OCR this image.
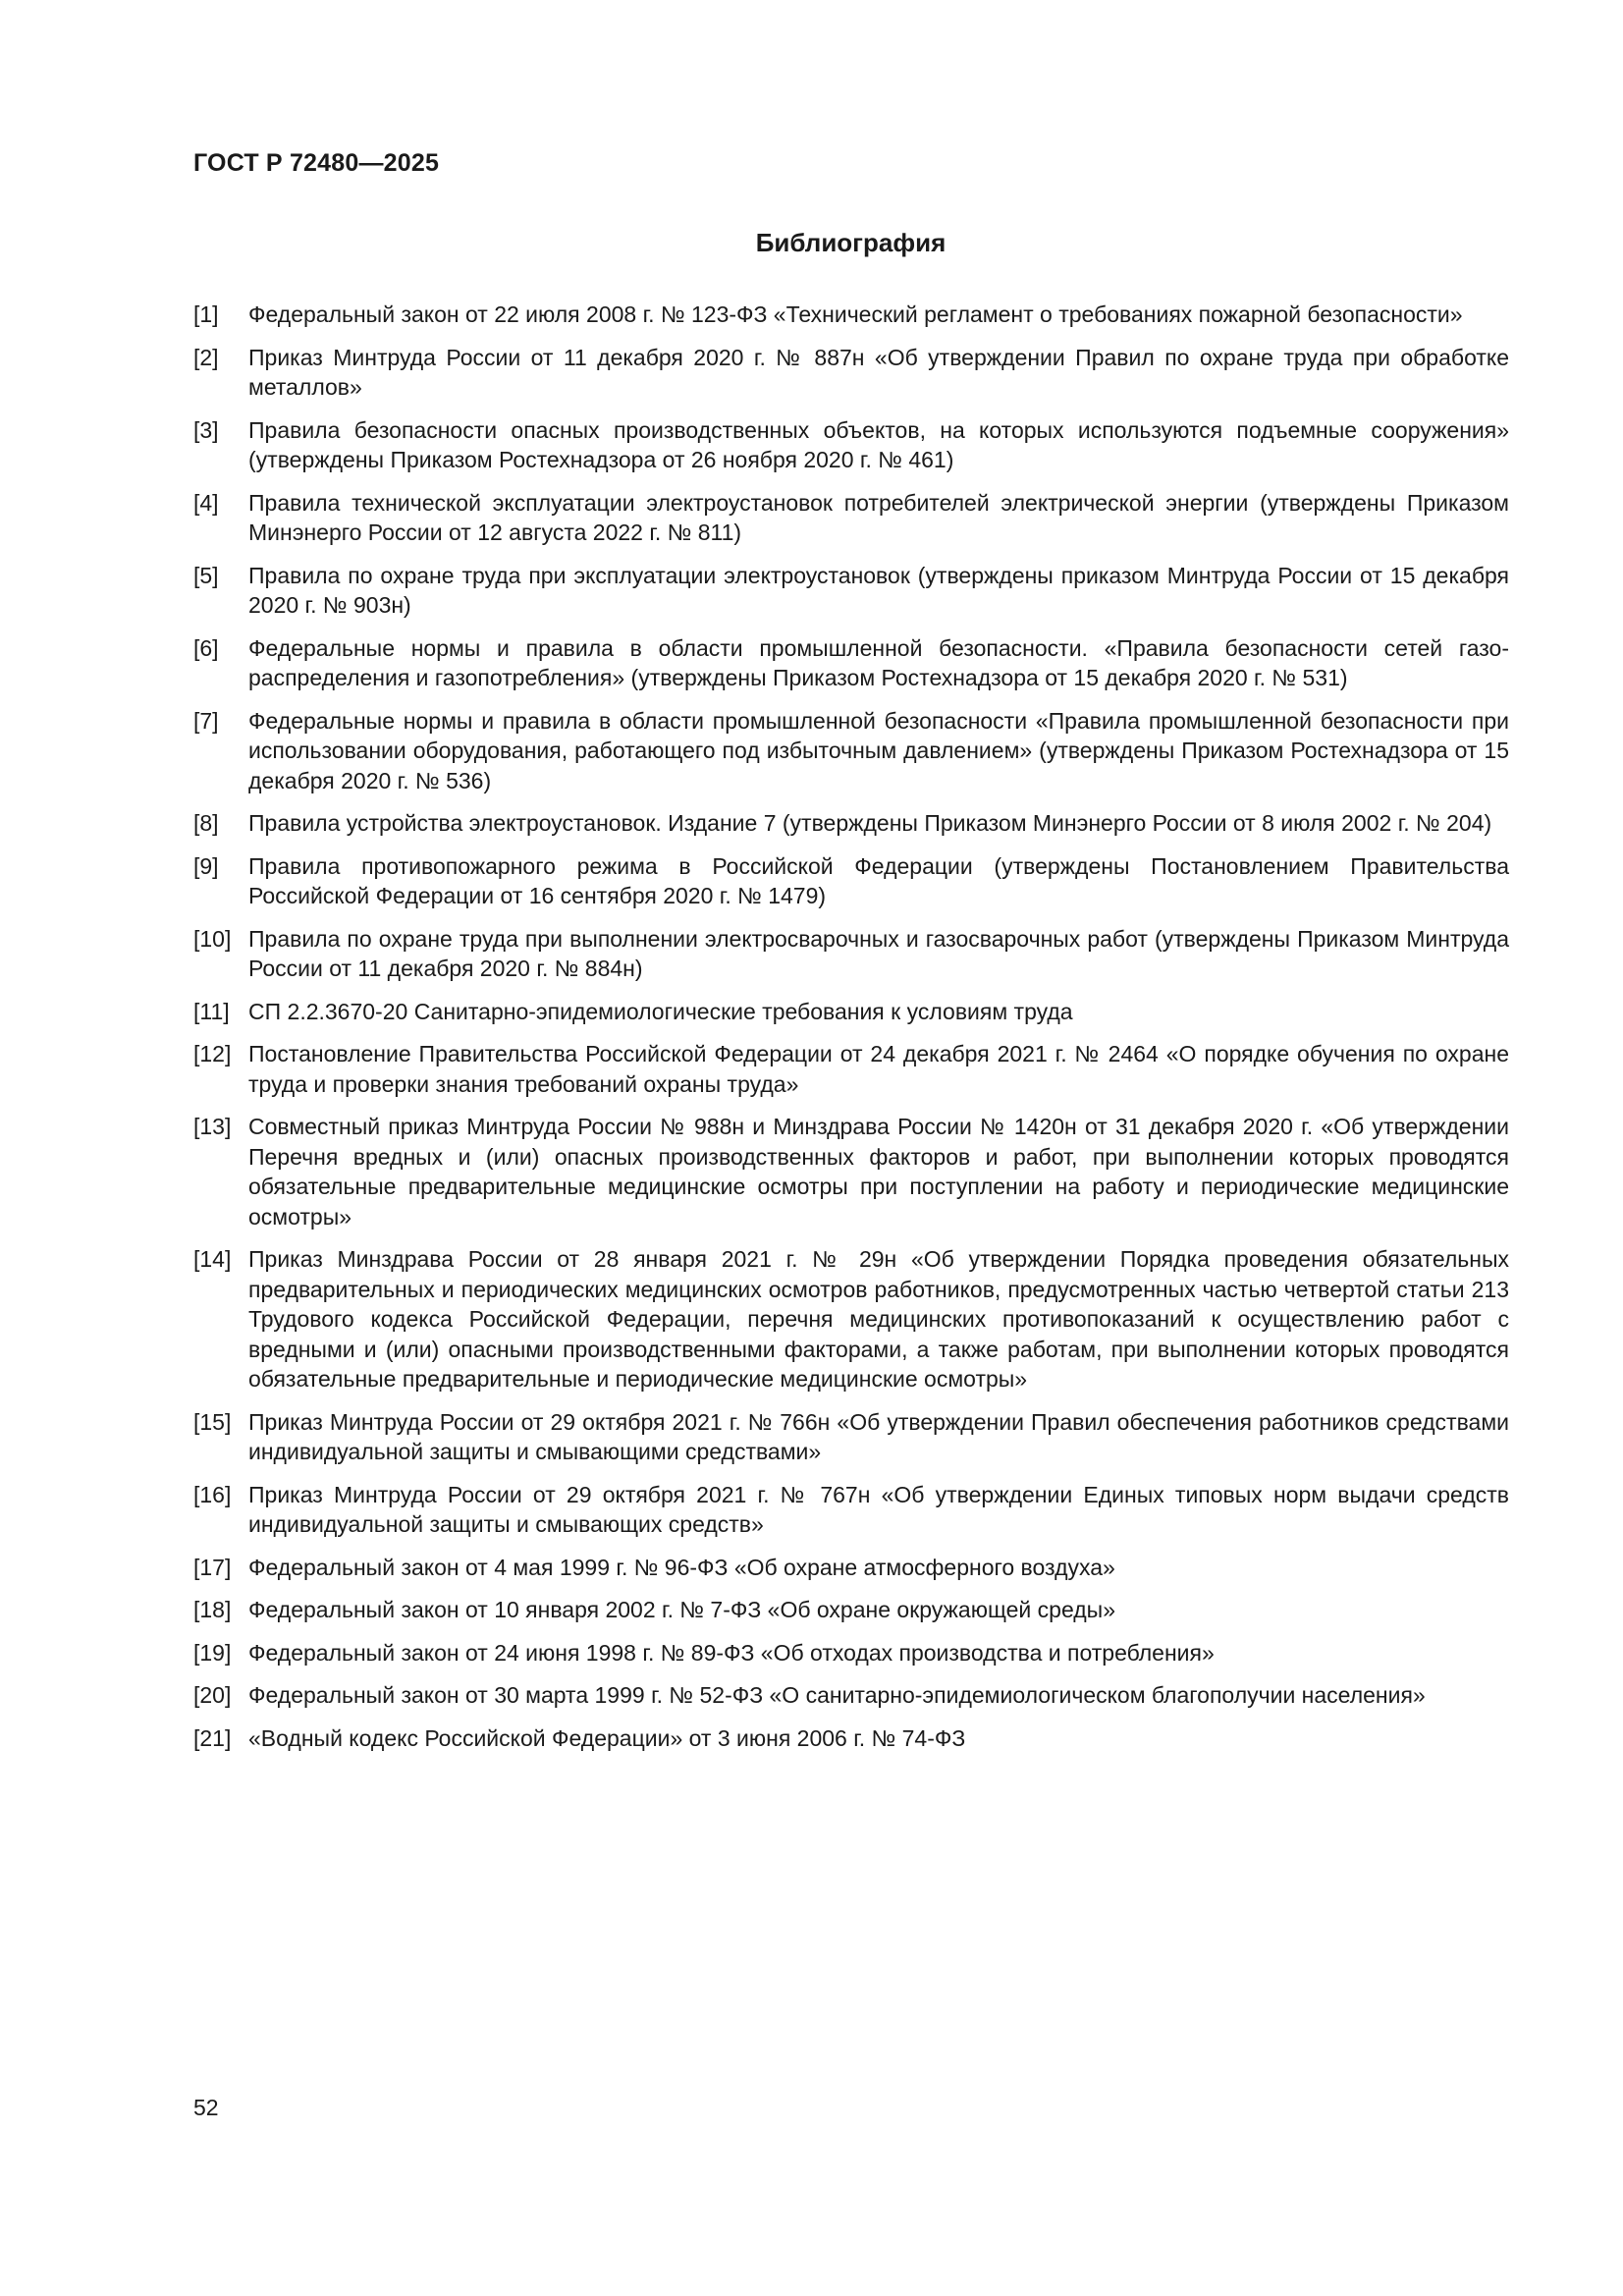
ГОСТ Р 72480—2025
Библиография
[1]	Федеральный закон от 22 июля 2008 г. № 123-ФЗ «Технический регламент о требованиях пожарной безопасности»
[2]	Приказ Минтруда России от 11 декабря 2020 г. № 887н «Об утверждении Правил по охране труда при обработке металлов»
[3]	Правила безопасности опасных производственных объектов, на которых используются подъемные сооружения» (утверждены Приказом Ростехнадзора от 26 ноября 2020 г. № 461)
[4]	Правила технической эксплуатации электроустановок потребителей электрической энергии (утверждены Приказом Минэнерго России от 12 августа 2022 г. № 811)
[5]	Правила по охране труда при эксплуатации электроустановок (утверждены приказом Минтруда России от 15 декабря 2020 г. № 903н)
[6]	Федеральные нормы и правила в области промышленной безопасности. «Правила безопасности сетей газораспределения и газопотребления» (утверждены Приказом Ростехнадзора от 15 декабря 2020 г. № 531)
[7]	Федеральные нормы и правила в области промышленной безопасности «Правила промышленной безопасности при использовании оборудования, работающего под избыточным давлением» (утверждены Приказом Ростехнадзора от 15 декабря 2020 г. № 536)
[8]	Правила устройства электроустановок. Издание 7 (утверждены Приказом Минэнерго России от 8 июля 2002 г. № 204)
[9]	Правила противопожарного режима в Российской Федерации (утверждены Постановлением Правительства Российской Федерации от 16 сентября 2020 г. № 1479)
[10] Правила по охране труда при выполнении электросварочных и газосварочных работ (утверждены Приказом Минтруда России от 11 декабря 2020 г. № 884н)
[11] СП 2.2.3670-20 Санитарно-эпидемиологические требования к условиям труда
[12] Постановление Правительства Российской Федерации от 24 декабря 2021 г. № 2464 «О порядке обучения по охране труда и проверки знания требований охраны труда»
[13] Совместный приказ Минтруда России № 988н и Минздрава России № 1420н от 31 декабря 2020 г. «Об утверждении Перечня вредных и (или) опасных производственных факторов и работ, при выполнении которых проводятся обязательные предварительные медицинские осмотры при поступлении на работу и периодические медицинские осмотры»
[14] Приказ Минздрава России от 28 января 2021 г. № 29н «Об утверждении Порядка проведения обязательных предварительных и периодических медицинских осмотров работников, предусмотренных частью четвертой статьи 213 Трудового кодекса Российской Федерации, перечня медицинских противопоказаний к осуществлению работ с вредными и (или) опасными производственными факторами, а также работам, при выполнении которых проводятся обязательные предварительные и периодические медицинские осмотры»
[15] Приказ Минтруда России от 29 октября 2021 г. № 766н «Об утверждении Правил обеспечения работников средствами индивидуальной защиты и смывающими средствами»
[16] Приказ Минтруда России от 29 октября 2021 г. № 767н «Об утверждении Единых типовых норм выдачи средств индивидуальной защиты и смывающих средств»
[17] Федеральный закон от 4 мая 1999 г. № 96-ФЗ «Об охране атмосферного воздуха»
[18] Федеральный закон от 10 января 2002 г. № 7-ФЗ «Об охране окружающей среды»
[19] Федеральный закон от 24 июня 1998 г. № 89-ФЗ «Об отходах производства и потребления»
[20] Федеральный закон от 30 марта 1999 г. № 52-ФЗ «О санитарно-эпидемиологическом благополучии населения»
[21] «Водный кодекс Российской Федерации» от 3 июня 2006 г. № 74-ФЗ
52
